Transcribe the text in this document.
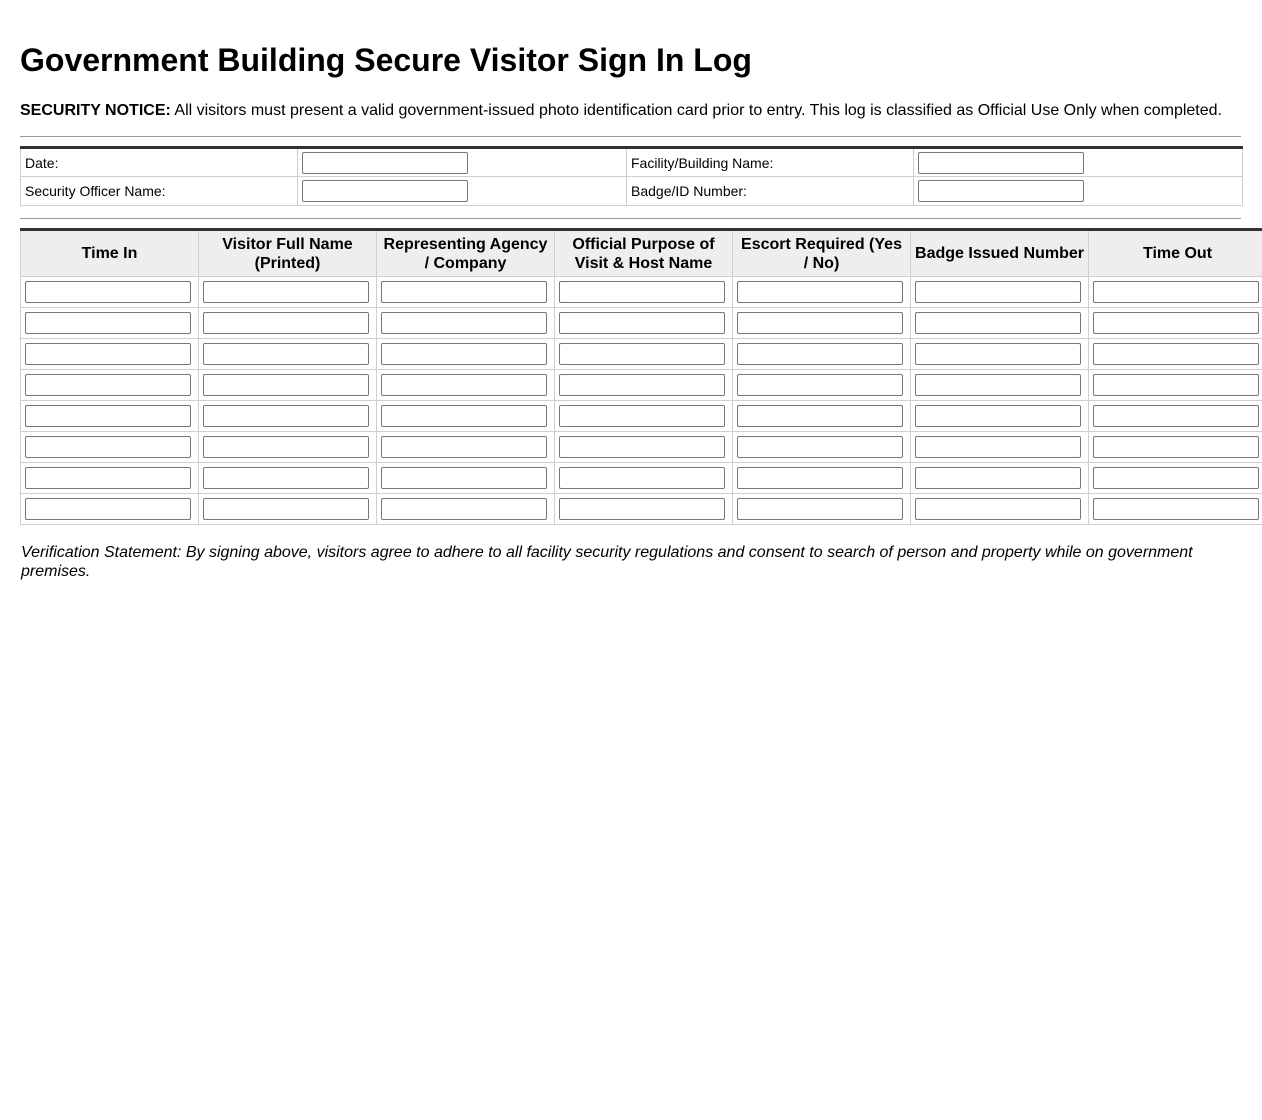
Government Building Secure Visitor Sign In Log

SECURITY NOTICE: All visitors must present a valid government-issued photo identification card prior to entry. This log is classified as Official Use Only when completed.

Date:		Facility/Building Name:	

Security Officer Name:		Badge/ID Number:	
Time In	Visitor Full Name (Printed)	Representing Agency / Company	Official Purpose of Visit & Host Name	Escort Required (Yes / No)	Badge Issued Number	Time Out	

Verification Statement: By signing above, visitors agree to adhere to all facility security regulations and consent to search of person and property while on government premises.
